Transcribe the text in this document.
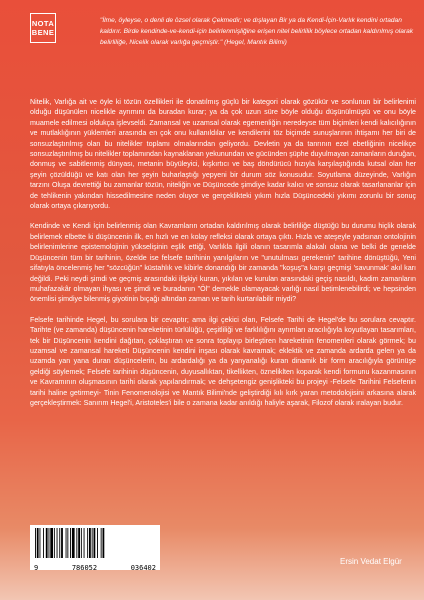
NOTA
BENE

"İlme, öyleyse, o denli de özsel olarak Çekmedir; ve dışlayan Bir ya da Kendi-İçin-Varlık kendini ortadan kaldırır. Birde kendinde-ve-kendi-için belirlenmişliğine erişen nitel belirlilik böylece ortadan kaldırılmış olarak belirliliğe, Nicelik olarak varlığa geçmiştir." (Hegel, Mantık Bilimi)

Nitelik, Varlığa ait ve öyle ki tözün özellikleri ile donatılmış güçlü bir kategori olarak gözükür ve sonlunun bir belirlenimi olduğu düşünülen nicelikle ayrımını da buradan kurar; ya da çok uzun süre böyle olduğu düşünülmüştü ve onu böyle muamele edilmesi oldukça işlevseldi. Zamansal ve uzamsal olarak egemenliğin neredeyse tüm biçimleri kendi kalıcılığının ve mutlaklığının yüklemleri arasında en çok onu kullanıldılar ve kendilerini töz biçimde sunuşlarının ihtişamı her biri de sonsuzlaştırılmış olan bu nitelikler toplamı olmalarından geliyordu. Devletin ya da tanrının ezel ebetliğinin nicelikçe sonsuzlaştırılmış bu nitelikler toplamından kaynaklanan yekunundan ve gücünden şüphe duyulmayan zamanların duruğan, donmuş ve sabitlenmiş dünyası, metanin büyüleyici, kışkırtıcı ve baş döndürücü hızıyla karşılaştığında kutsal olan her şeyin çözüldüğü ve katı olan her şeyin buharlaştığı yepyeni bir durum söz konusudur. Soyutlama düzeyinde, Varlığın tarzını Oluşa devrettiği bu zamanlar tözün, niteliğin ve Düşüncede şimdiye kadar kalıcı ve sonsuz olarak tasarlananlar için de tehlikenin yakından hissedilmesine neden oluyor ve gerçeklikteki yıkım hızla Düşüncedeki yıkımı zorunlu bir sonuç olarak ortaya çıkarıyordu.

Kendinde ve Kendi İçin belirlenmiş olan Kavramların ortadan kaldırılmış olarak belirliliğe düştüğü bu durumu hiçlik olarak belirlemek elbette ki düşüncenin ilk, en hızlı ve en kolay refleksi olarak ortaya çıktı. Hızla ve ateşeyle yadsınan ontolojinin belirlenimlerine epistemolojinin yükselişinin eşlik ettiği, Varlıkla ilgili olanın tasarımla alakalı olana ve belki de genelde Düşüncenin tüm bir tarihinin, özelde ise felsefe tarihinin yanılgıların ve "unutulması gerekenin" tarihine dönüştüğü, Yeni sifatıyla öncelenmiş her "sözcüğün" küstahlık ve kibirle donandığı bir zamanda "koşuş"a karşı geçmişi 'savunmak' akıl karı değildi. Peki neydi şimdi ve geçmiş arasındaki ilişkiyi kuran, yıkılan ve kurulan arasındaki geçiş nasıldı, kadim zamanların muhafazakâr olmayan ihyası ve şimdi ve buradanın "Öl" demekle olamayacak varlığı nasıl betimlenebilirdi; ve hepsinden önemlisi şimdiye bilenmiş giyotinin bıçağı altından zaman ve tarih kurtarılabilir miydi?

Felsefe tarihinde Hegel, bu sorulara bir cevaptır; ama ilgi çekici olan, Felsefe Tarihi de Hegel'de bu sorulara cevaptır. Tarihte (ve zamanda) düşüncenin hareketinin türlülüğü, çeşitliliği ve farklılığını ayrımları aracılığıyla koyutlayan tasarımları, tek bir Düşüncenin kendini dağıtan, çoklaştıran ve sonra toplayıp birleştiren hareketinin fenomenleri olarak görmek; bu uzamsal ve zamansal hareketi Düşüncenin kendini inşası olarak kavramak; eklektik ve zamanda ardarda gelen ya da uzamda yan yana duran düşüncelerin, bu ardardalığı ya da yanyanalığı kuran dinamik bir form aracılığıyla görünüşe geldiği söylemek; Felsefe tarihinin düşüncenin, duyusallıktan, tikellikten, özneliklten koparak kendi formunu kazanmasının ve Kavramının oluşmasının tarihi olarak yapılandırmak; ve dehşetengiz genişlikteki bu projeyi -Felsefe Tarihini Felsefenin tarihi haline getirmeyi- Tinin Fenomenolojisi ve Mantık Bilimi'nde geliştirdiği kılı kırk yaran metodolojisini arkasına alarak gerçekleştirmek: Sanırım Hegel'i, Aristoteles'i bile o zamana kadar anıldığı haliyle aşarak, Filozof olarak ıralayan budur.

9	786052	036402
Ersin Vedat Elgür
